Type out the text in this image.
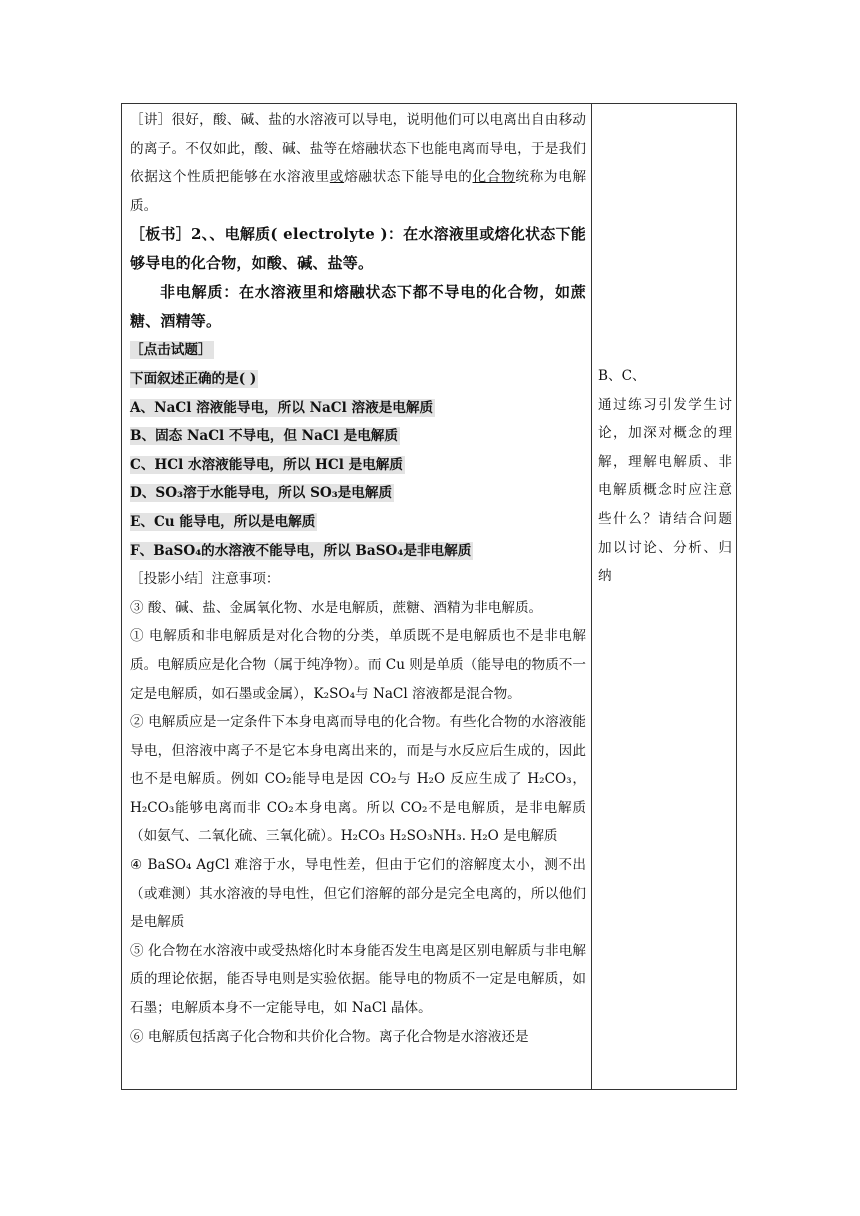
［讲］很好，酸、碱、盐的水溶液可以导电，说明他们可以电离出自由移动的离子。不仅如此，酸、碱、盐等在熔融状态下也能电离而导电，于是我们依据这个性质把能够在水溶液里或熔融状态下能导电的化合物统称为电解质。

［板书］2、、电解质( electrolyte )：在水溶液里或熔化状态下能够导电的化合物，如酸、碱、盐等。

非电解质：在水溶液里和熔融状态下都不导电的化合物，如蔗糖、酒精等。

［点击试题］

下面叙述正确的是( )

A、NaCl 溶液能导电，所以 NaCl 溶液是电解质

B、固态 NaCl 不导电，但 NaCl 是电解质

C、HCl 水溶液能导电，所以 HCl 是电解质

D、SO₃溶于水能导电，所以 SO₃是电解质

E、Cu 能导电，所以是电解质

F、BaSO₄的水溶液不能导电，所以 BaSO₄是非电解质

［投影小结］注意事项：

③ 酸、碱、盐、金属氧化物、水是电解质，蔗糖、酒精为非电解质。

① 电解质和非电解质是对化合物的分类，单质既不是电解质也不是非电解质。电解质应是化合物（属于纯净物）。而 Cu 则是单质（能导电的物质不一定是电解质，如石墨或金属），K₂SO₄与 NaCl 溶液都是混合物。

② 电解质应是一定条件下本身电离而导电的化合物。有些化合物的水溶液能导电，但溶液中离子不是它本身电离出来的，而是与水反应后生成的，因此也不是电解质。例如 CO₂能导电是因 CO₂与 H₂O 反应生成了 H₂CO₃，H₂CO₃能够电离而非 CO₂本身电离。所以 CO₂不是电解质，是非电解质（如氨气、二氧化硫、三氧化硫）。H₂CO₃ H₂SO₃NH₃. H₂O 是电解质

④ BaSO₄ AgCl 难溶于水，导电性差，但由于它们的溶解度太小，测不出（或难测）其水溶液的导电性，但它们溶解的部分是完全电离的，所以他们是电解质

⑤ 化合物在水溶液中或受热熔化时本身能否发生电离是区别电解质与非电解质的理论依据，能否导电则是实验依据。能导电的物质不一定是电解质，如石墨；电解质本身不一定能导电，如 NaCl 晶体。

⑥ 电解质包括离子化合物和共价化合物。离子化合物是水溶液还是

B、C、

通过练习引发学生讨论，加深对概念的理解，理解电解质、非电解质概念时应注意些什么？请结合问题加以讨论、分析、归纳
